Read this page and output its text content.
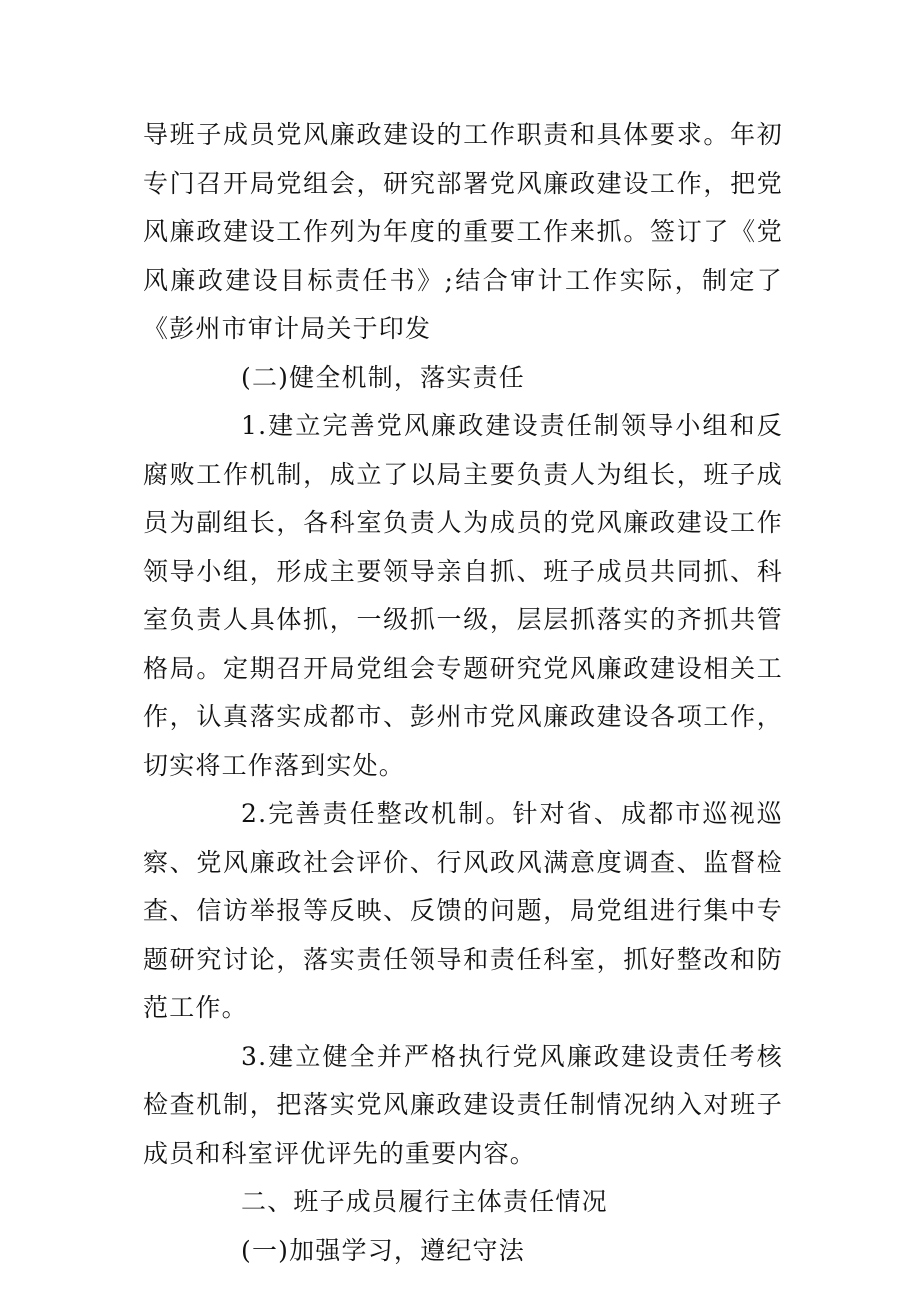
导班子成员党风廉政建设的工作职责和具体要求。年初专门召开局党组会，研究部署党风廉政建设工作，把党风廉政建设工作列为年度的重要工作来抓。签订了《党风廉政建设目标责任书》;结合审计工作实际，制定了《彭州市审计局关于印发

(二)健全机制，落实责任

1.建立完善党风廉政建设责任制领导小组和反腐败工作机制，成立了以局主要负责人为组长，班子成员为副组长，各科室负责人为成员的党风廉政建设工作领导小组，形成主要领导亲自抓、班子成员共同抓、科室负责人具体抓，一级抓一级，层层抓落实的齐抓共管格局。定期召开局党组会专题研究党风廉政建设相关工作，认真落实成都市、彭州市党风廉政建设各项工作，切实将工作落到实处。

2.完善责任整改机制。针对省、成都市巡视巡察、党风廉政社会评价、行风政风满意度调查、监督检查、信访举报等反映、反馈的问题，局党组进行集中专题研究讨论，落实责任领导和责任科室，抓好整改和防范工作。

3.建立健全并严格执行党风廉政建设责任考核检查机制，把落实党风廉政建设责任制情况纳入对班子成员和科室评优评先的重要内容。

二、班子成员履行主体责任情况

(一)加强学习，遵纪守法
